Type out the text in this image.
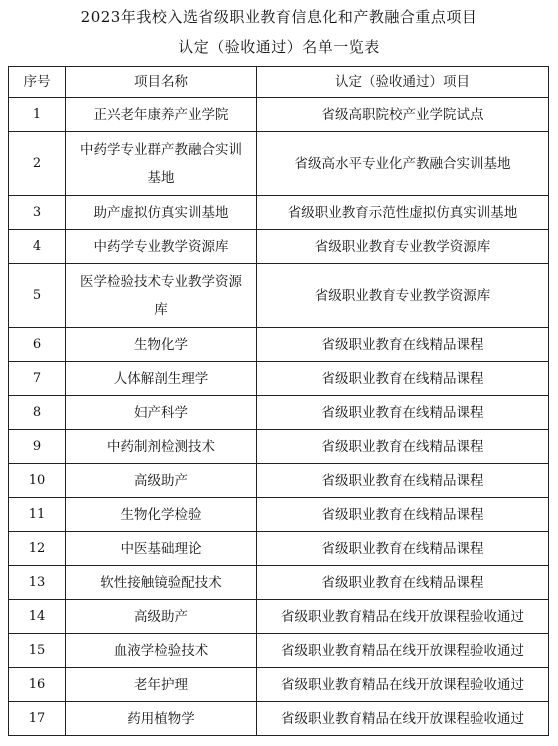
2023年我校入选省级职业教育信息化和产教融合重点项目
认定（验收通过）名单一览表
序号	项目名称	认定（验收通过）项目
1	正兴老年康养产业学院	省级高职院校产业学院试点
2	中药学专业群产教融合实训基地	省级高水平专业化产教融合实训基地
3	助产虚拟仿真实训基地	省级职业教育示范性虚拟仿真实训基地
4	中药学专业教学资源库	省级职业教育专业教学资源库
5	医学检验技术专业教学资源库	省级职业教育专业教学资源库
6	生物化学	省级职业教育在线精品课程
7	人体解剖生理学	省级职业教育在线精品课程
8	妇产科学	省级职业教育在线精品课程
9	中药制剂检测技术	省级职业教育在线精品课程
10	高级助产	省级职业教育在线精品课程
11	生物化学检验	省级职业教育在线精品课程
12	中医基础理论	省级职业教育在线精品课程
13	软性接触镜验配技术	省级职业教育在线精品课程
14	高级助产	省级职业教育精品在线开放课程验收通过
15	血液学检验技术	省级职业教育精品在线开放课程验收通过
16	老年护理	省级职业教育精品在线开放课程验收通过
17	药用植物学	省级职业教育精品在线开放课程验收通过
